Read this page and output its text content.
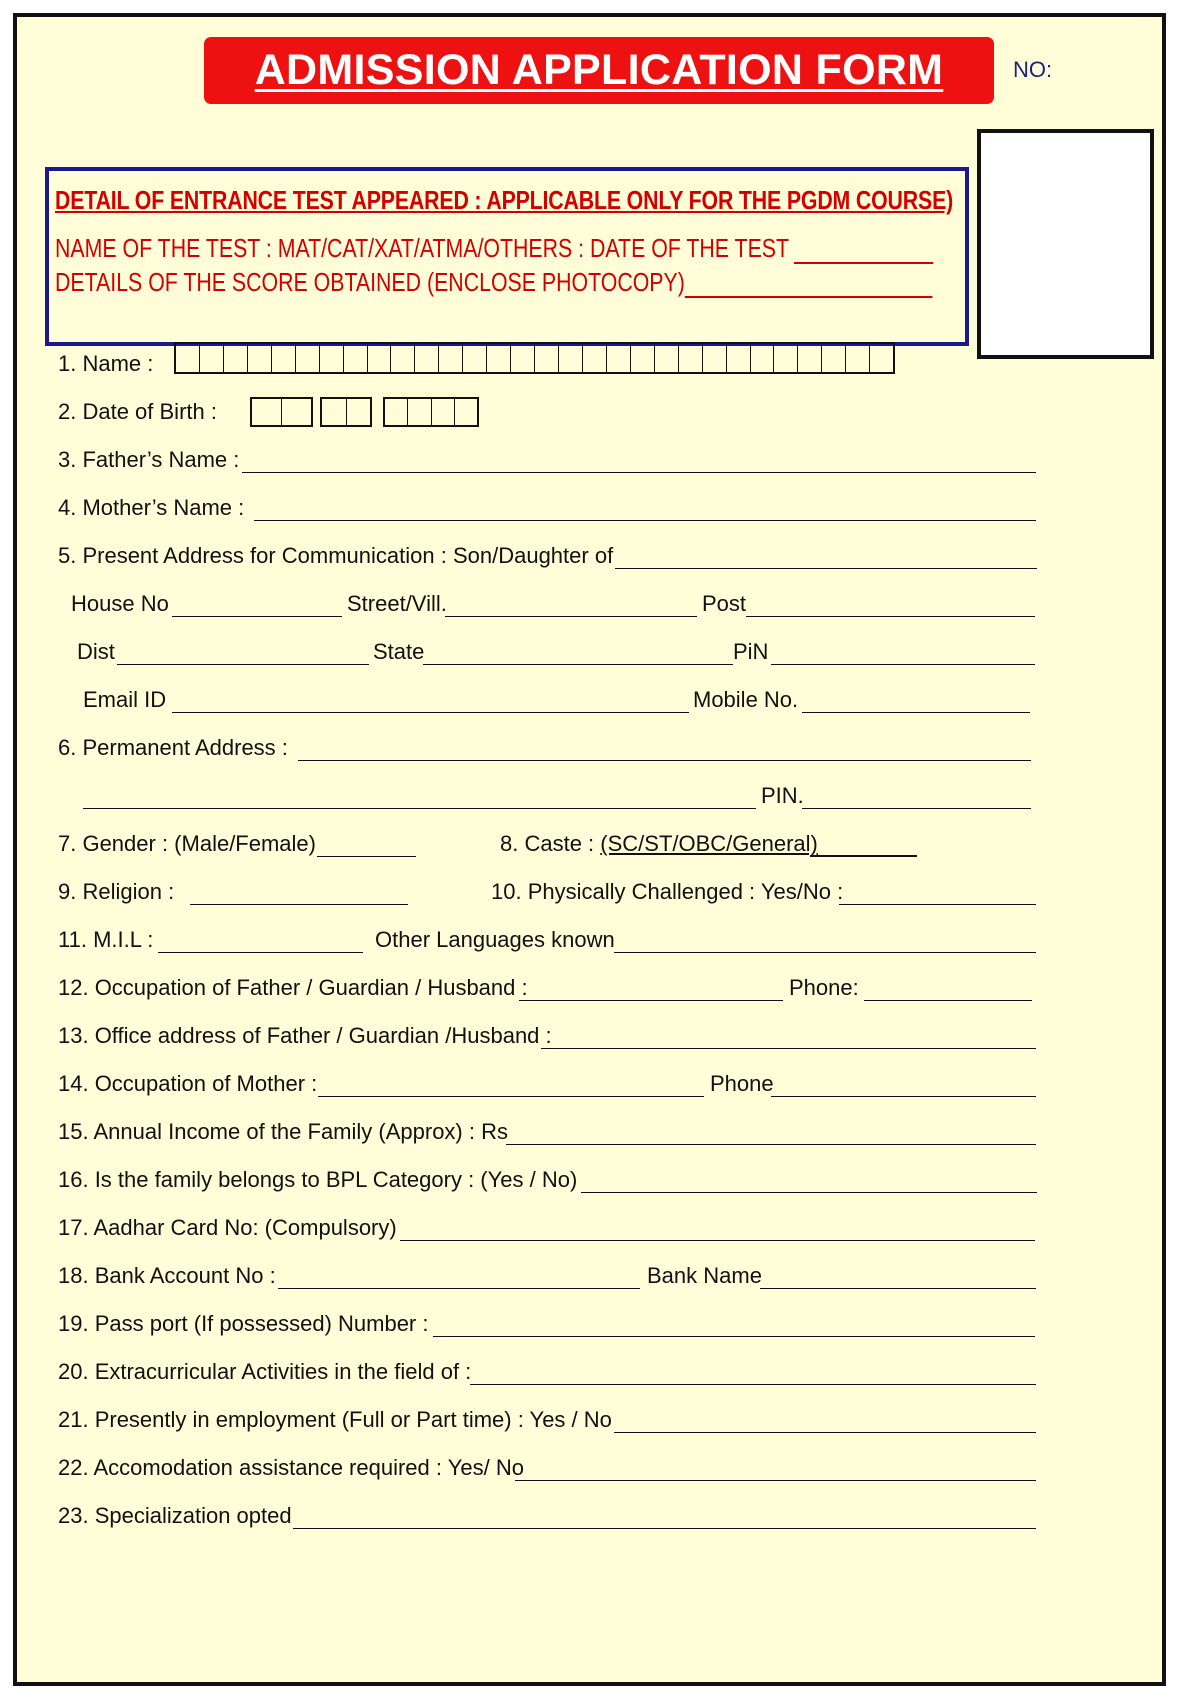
ADMISSION APPLICATION FORM	NO:
DETAIL OF ENTRANCE TEST APPEARED : APPLICABLE ONLY FOR THE PGDM COURSE)
NAME OF THE TEST : MAT/CAT/XAT/ATMA/OTHERS : DATE OF THE TEST
DETAILS OF THE SCORE OBTAINED (ENCLOSE PHOTOCOPY)
1. Name :
2. Date of Birth :
3. Father’s Name :
4. Mother’s Name :
5. Present Address for Communication : Son/Daughter of
House No	Street/Vill.	Post
Dist	State	PiN
Email ID	Mobile No.
6. Permanent Address :
PIN.
7. Gender : (Male/Female)	8. Caste : (SC/ST/OBC/General)
9. Religion :	10. Physically Challenged : Yes/No :
11. M.I.L :	Other Languages known
12. Occupation of Father / Guardian / Husband :	Phone:
13. Office address of Father / Guardian /Husband :
14. Occupation of Mother :	Phone
15. Annual Income of the Family (Approx) : Rs
16. Is the family belongs to BPL Category : (Yes / No)
17. Aadhar Card No: (Compulsory)
18. Bank Account No :	Bank Name
19. Pass port (If possessed) Number :
20. Extracurricular Activities in the field of :
21. Presently in employment (Full or Part time) : Yes / No
22. Accomodation assistance required : Yes/ No
23. Specialization opted
